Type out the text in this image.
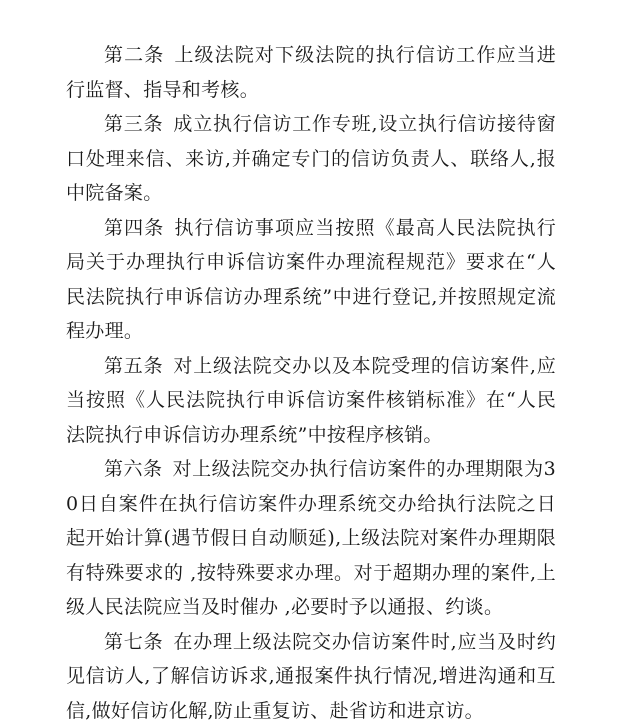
第二条 上级法院对下级法院的执行信访工作应当进行监督、指导和考核。

第三条 成立执行信访工作专班,设立执行信访接待窗口处理来信、来访,并确定专门的信访负责人、联络人,报中院备案。

第四条 执行信访事项应当按照《最高人民法院执行局关于办理执行申诉信访案件办理流程规范》要求在“人民法院执行申诉信访办理系统”中进行登记,并按照规定流程办理。

第五条 对上级法院交办以及本院受理的信访案件,应当按照《人民法院执行申诉信访案件核销标准》在“人民法院执行申诉信访办理系统”中按程序核销。

第六条 对上级法院交办执行信访案件的办理期限为30日自案件在执行信访案件办理系统交办给执行法院之日起开始计算(遇节假日自动顺延),上级法院对案件办理期限有特殊要求的 ,按特殊要求办理。对于超期办理的案件,上级人民法院应当及时催办 ,必要时予以通报、约谈。

第七条 在办理上级法院交办信访案件时,应当及时约见信访人,了解信访诉求,通报案件执行情况,增进沟通和互信,做好信访化解,防止重复访、赴省访和进京访。
